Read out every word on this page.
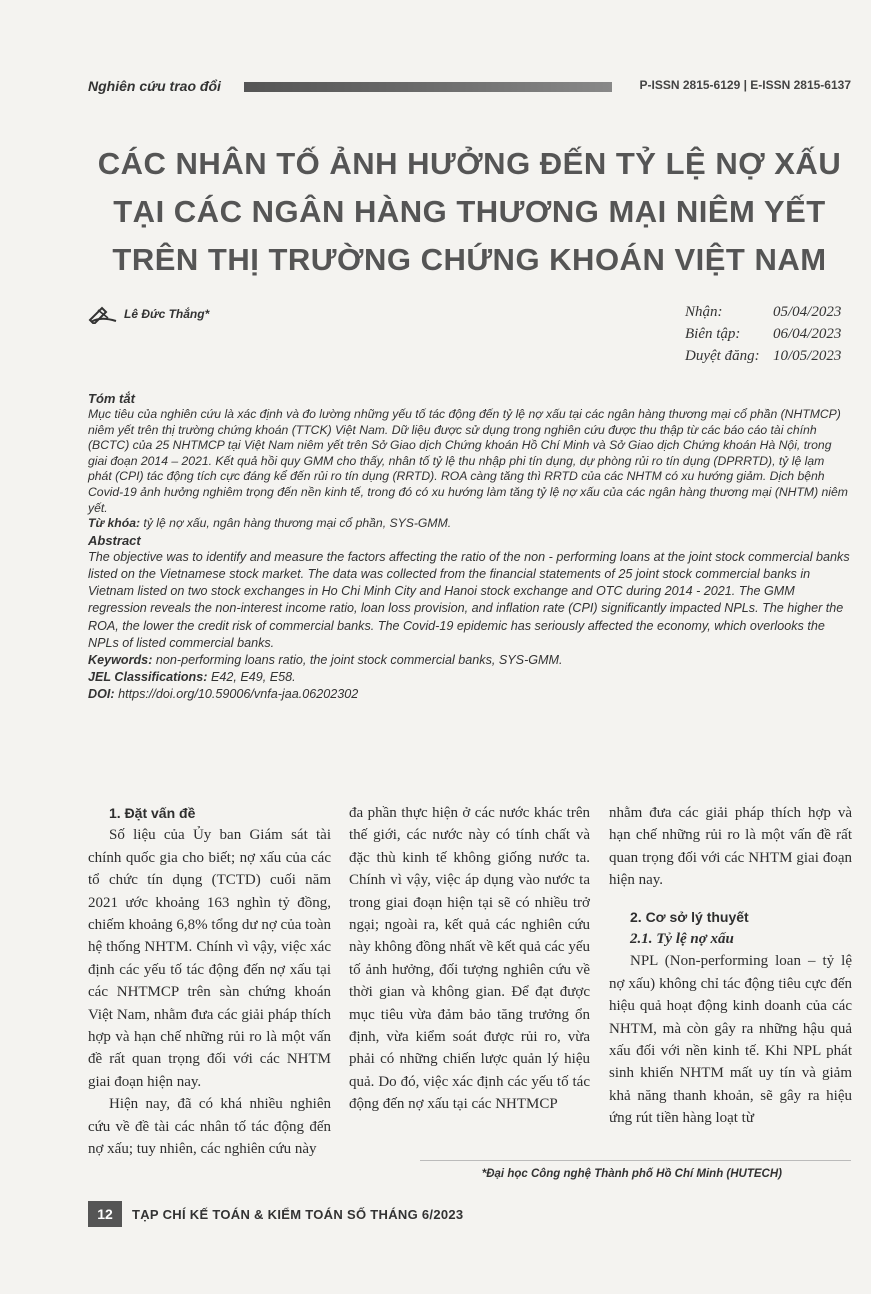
Nghiên cứu trao đổi	P-ISSN 2815-6129 | E-ISSN 2815-6137
CÁC NHÂN TỐ ẢNH HƯỞNG ĐẾN TỶ LỆ NỢ XẤU
TẠI CÁC NGÂN HÀNG THƯƠNG MẠI NIÊM YẾT
TRÊN THỊ TRƯỜNG CHỨNG KHOÁN VIỆT NAM
Lê Đức Thắng*	Nhận:	05/04/2023
Biên tập:	06/04/2023
Duyệt đăng: 10/05/2023
Tóm tắt

Mục tiêu của nghiên cứu là xác định và đo lường những yếu tố tác động đến tỷ lệ nợ xấu tại các ngân hàng thương mại cổ phần (NHTMCP) niêm yết trên thị trường chứng khoán (TTCK) Việt Nam. Dữ liệu được sử dụng trong nghiên cứu được thu thập từ các báo cáo tài chính (BCTC) của 25 NHTMCP tại Việt Nam niêm yết trên Sở Giao dịch Chứng khoán Hồ Chí Minh và Sở Giao dịch Chứng khoán Hà Nội, trong giai đoạn 2014 – 2021. Kết quả hồi quy GMM cho thấy, nhân tố tỷ lệ thu nhập phi tín dụng, dự phòng rủi ro tín dụng (DPRRTD), tỷ lệ lạm phát (CPI) tác động tích cực đáng kể đến rủi ro tín dụng (RRTD). ROA càng tăng thì RRTD của các NHTM có xu hướng giảm. Dịch bệnh Covid-19 ảnh hưởng nghiêm trọng đến nền kinh tế, trong đó có xu hướng làm tăng tỷ lệ nợ xấu của các ngân hàng thương mại (NHTM) niêm yết.

Từ khóa: tỷ lệ nợ xấu, ngân hàng thương mại cổ phần, SYS-GMM.

Abstract

The objective was to identify and measure the factors affecting the ratio of the non - performing loans at the joint stock commercial banks listed on the Vietnamese stock market. The data was collected from the financial statements of 25 joint stock commercial banks in Vietnam listed on two stock exchanges in Ho Chi Minh City and Hanoi stock exchange and OTC during 2014 - 2021. The GMM regression reveals the non-interest income ratio, loan loss provision, and inflation rate (CPI) significantly impacted NPLs. The higher the ROA, the lower the credit risk of commercial banks. The Covid-19 epidemic has seriously affected the economy, which overlooks the NPLs of listed commercial banks.

Keywords: non-performing loans ratio, the joint stock commercial banks, SYS-GMM.

JEL Classifications: E42, E49, E58.

DOI: https://doi.org/10.59006/vnfa-jaa.06202302

1. Đặt vấn đề

Số liệu của Ủy ban Giám sát tài chính quốc gia cho biết; nợ xấu của các tổ chức tín dụng (TCTD) cuối năm 2021 ước khoảng 163 nghìn tỷ đồng, chiếm khoảng 6,8% tổng dư nợ của toàn hệ thống NHTM. Chính vì vậy, việc xác định các yếu tố tác động đến nợ xấu tại các NHTMCP trên sàn chứng khoán Việt Nam, nhằm đưa các giải pháp thích hợp và hạn chế những rủi ro là một vấn đề rất quan trọng đối với các NHTM giai đoạn hiện nay.

Hiện nay, đã có khá nhiều nghiên cứu về đề tài các nhân tố tác động đến nợ xấu; tuy nhiên, các nghiên cứu này

đa phần thực hiện ở các nước khác trên thế giới, các nước này có tính chất và đặc thù kinh tế không giống nước ta. Chính vì vậy, việc áp dụng vào nước ta trong giai đoạn hiện tại sẽ có nhiều trở ngại; ngoài ra, kết quả các nghiên cứu này không đồng nhất về kết quả các yếu tố ảnh hưởng, đối tượng nghiên cứu về thời gian và không gian. Để đạt được mục tiêu vừa đảm bảo tăng trưởng ổn định, vừa kiểm soát được rủi ro, vừa phải có những chiến lược quản lý hiệu quả. Do đó, việc xác định các yếu tố tác động đến nợ xấu tại các NHTMCP

nhằm đưa các giải pháp thích hợp và hạn chế những rủi ro là một vấn đề rất quan trọng đối với các NHTM giai đoạn hiện nay.

2. Cơ sở lý thuyết

2.1. Tỷ lệ nợ xấu

NPL (Non-performing loan – tỷ lệ nợ xấu) không chỉ tác động tiêu cực đến hiệu quả hoạt động kinh doanh của các NHTM, mà còn gây ra những hậu quả xấu đối với nền kinh tế. Khi NPL phát sinh khiến NHTM mất uy tín và giảm khả năng thanh khoản, sẽ gây ra hiệu ứng rút tiền hàng loạt từ

*Đại học Công nghệ Thành phố Hồ Chí Minh (HUTECH)
12	TẠP CHÍ KẾ TOÁN & KIỂM TOÁN SỐ THÁNG 6/2023
